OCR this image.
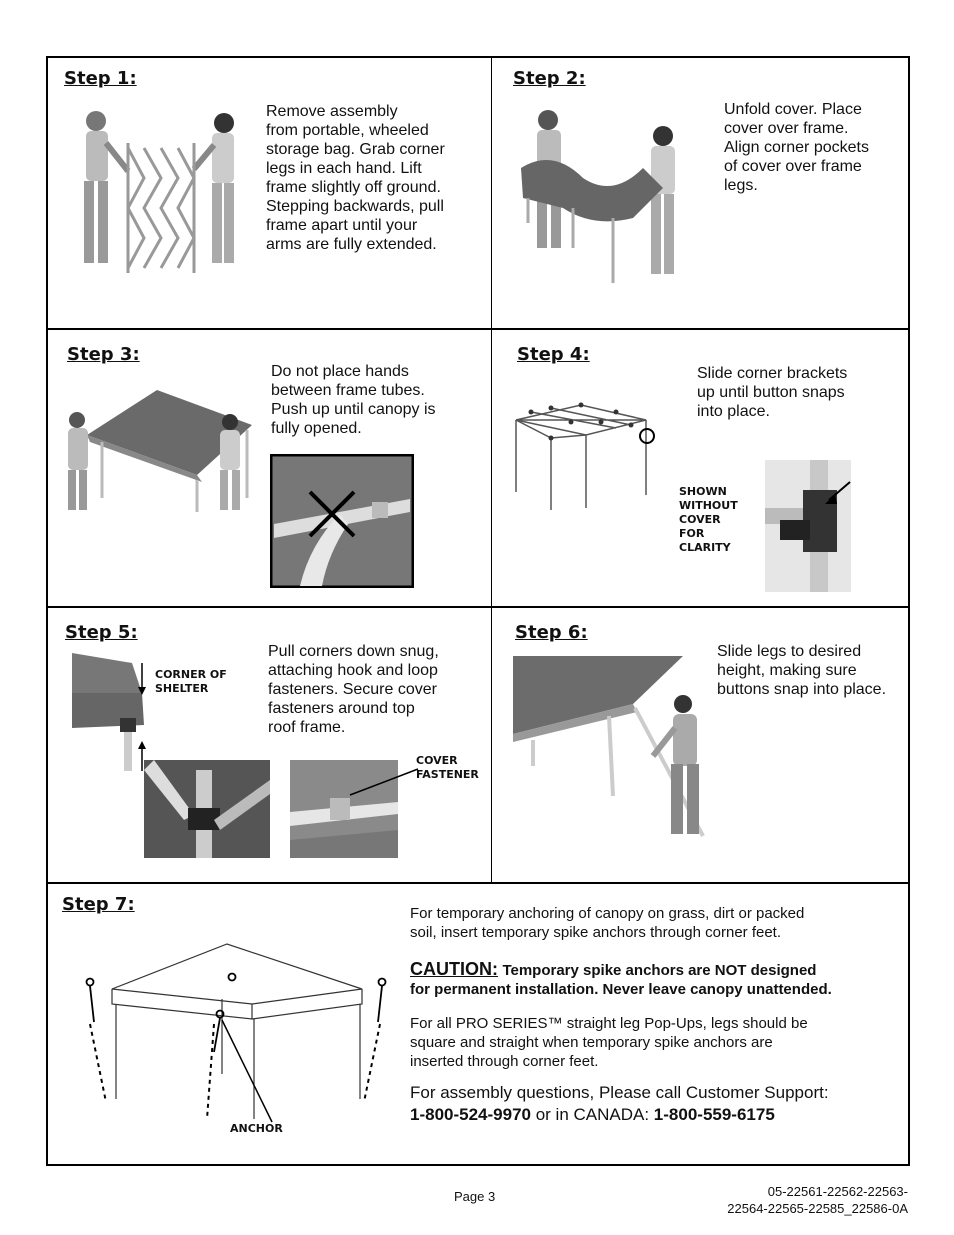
Step 1:
Remove assembly
from portable, wheeled
storage bag. Grab corner
legs in each hand. Lift
frame slightly off ground.
Stepping backwards, pull
frame apart until your
arms are fully extended.
Step 2:
Unfold cover. Place
cover over frame.
Align corner pockets
of cover over frame
legs.
Step 3:
Do not place hands
between frame tubes.
Push up until canopy is
fully opened.
Step 4:
Slide corner brackets
up until button snaps
into place.
SHOWN
WITHOUT
COVER
FOR
CLARITY
Step 5:
CORNER OF
SHELTER
Pull corners down snug,
attaching hook and loop
fasteners. Secure cover
fasteners around top
roof frame.
COVER
FASTENER
Step 6:
Slide legs to desired
height, making sure
buttons snap into place.
Step 7:
ANCHOR
For temporary anchoring of canopy on grass, dirt or packed
soil, insert temporary spike anchors through corner feet.
CAUTION: Temporary spike anchors are NOT designed
for permanent installation. Never leave canopy unattended.
For all PRO SERIES™ straight leg Pop-Ups, legs should be
square and straight when temporary spike anchors are
inserted through corner feet.
For assembly questions, Please call Customer Support:
1-800-524-9970 or in CANADA: 1-800-559-6175
Page 3	05-22561-22562-22563-
22564-22565-22585_22586-0A
